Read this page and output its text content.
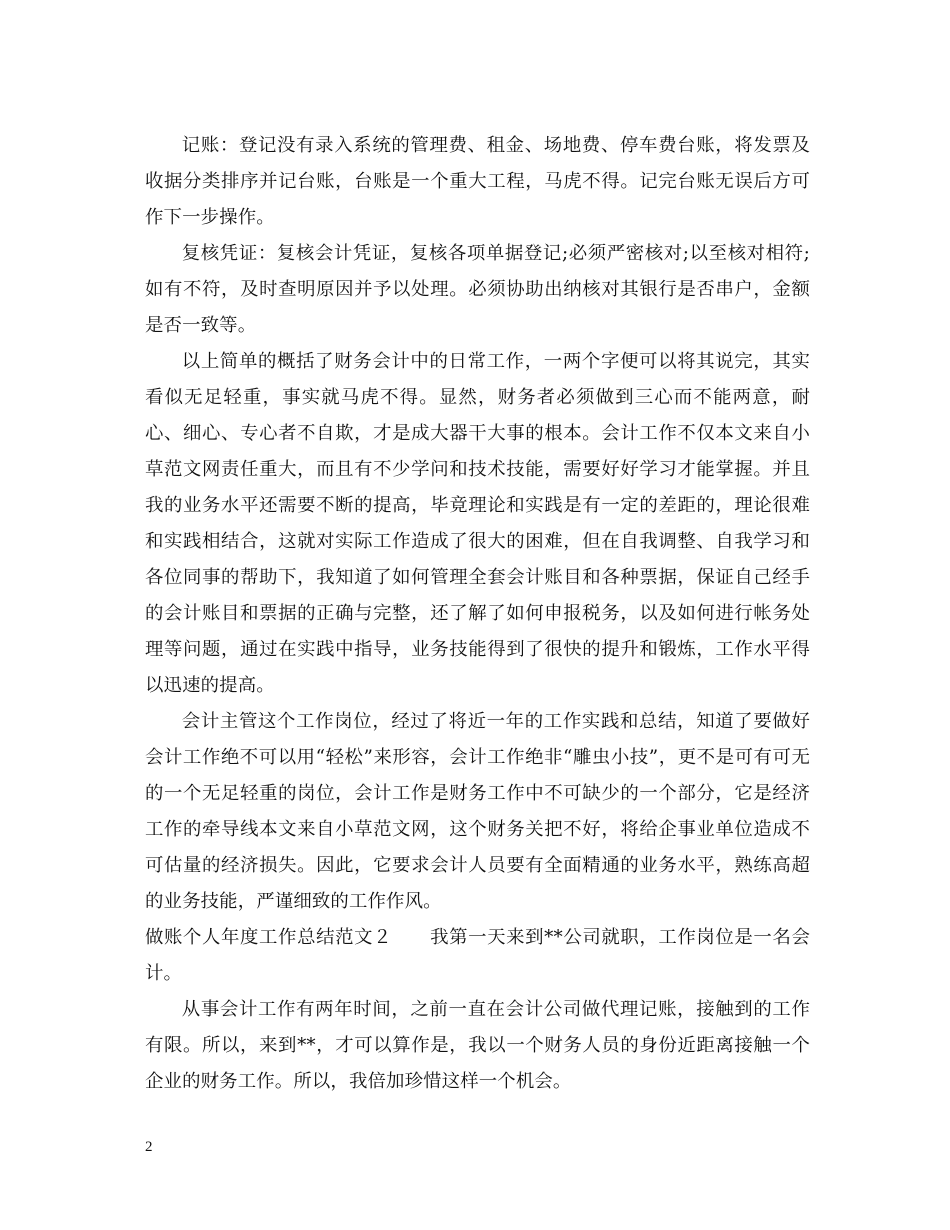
记账：登记没有录入系统的管理费、租金、场地费、停车费台账，将发票及收据分类排序并记台账，台账是一个重大工程，马虎不得。记完台账无误后方可作下一步操作。

复核凭证：复核会计凭证，复核各项单据登记;必须严密核对;以至核对相符;如有不符，及时查明原因并予以处理。必须协助出纳核对其银行是否串户，金额是否一致等。

以上简单的概括了财务会计中的日常工作，一两个字便可以将其说完，其实看似无足轻重，事实就马虎不得。显然，财务者必须做到三心而不能两意，耐心、细心、专心者不自欺，才是成大器干大事的根本。会计工作不仅本文来自小草范文网责任重大，而且有不少学问和技术技能，需要好好学习才能掌握。并且我的业务水平还需要不断的提高，毕竟理论和实践是有一定的差距的，理论很难和实践相结合，这就对实际工作造成了很大的困难，但在自我调整、自我学习和各位同事的帮助下，我知道了如何管理全套会计账目和各种票据，保证自己经手的会计账目和票据的正确与完整，还了解了如何申报税务，以及如何进行帐务处理等问题，通过在实践中指导，业务技能得到了很快的提升和锻炼，工作水平得以迅速的提高。

会计主管这个工作岗位，经过了将近一年的工作实践和总结，知道了要做好会计工作绝不可以用“轻松”来形容，会计工作绝非“雕虫小技”，更不是可有可无的一个无足轻重的岗位，会计工作是财务工作中不可缺少的一个部分，它是经济工作的牵导线本文来自小草范文网，这个财务关把不好，将给企事业单位造成不可估量的经济损失。因此，它要求会计人员要有全面精通的业务水平，熟练高超的业务技能，严谨细致的工作作风。

做账个人年度工作总结范文２　　我第一天来到**公司就职，工作岗位是一名会计。

从事会计工作有两年时间，之前一直在会计公司做代理记账，接触到的工作有限。所以，来到**，才可以算作是，我以一个财务人员的身份近距离接触一个企业的财务工作。所以，我倍加珍惜这样一个机会。

2
